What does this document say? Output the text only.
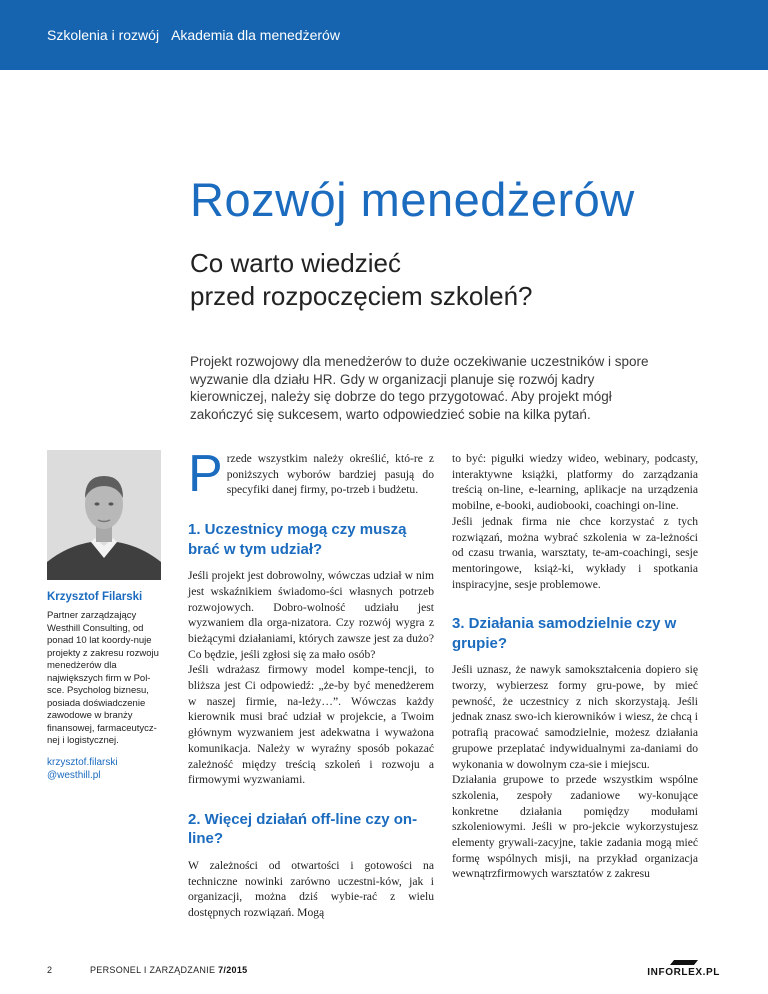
Szkolenia i rozwój Akademia dla menedżerów
Rozwój menedżerów
Co warto wiedzieć
przed rozpoczęciem szkoleń?
Projekt rozwojowy dla menedżerów to duże oczekiwanie uczestników i spore wyzwanie dla działu HR. Gdy w organizacji planuje się rozwój kadry kierowniczej, należy się dobrze do tego przygotować. Aby projekt mógł zakończyć się sukcesem, warto odpowiedzieć sobie na kilka pytań.

Krzysztof Filarski

Partner zarządzający Westhill Consulting, od ponad 10 lat koordy-nuje projekty z zakresu rozwoju menedżerów dla największych firm w Pol-sce. Psycholog biznesu, posiada doświadczenie zawodowe w branży finansowej, farmaceutycz-nej i logistycznej.

krzysztof.filarski
@westhill.pl

Przede wszystkim należy określić, któ-re z poniższych wyborów bardziej pasują do specyfiki danej firmy, po-trzeb i budżetu.

1. Uczestnicy mogą czy muszą brać w tym udział?

Jeśli projekt jest dobrowolny, wówczas udział w nim jest wskaźnikiem świadomo-ści własnych potrzeb rozwojowych. Dobro-wolność udziału jest wyzwaniem dla orga-nizatora. Czy rozwój wygra z bieżącymi działaniami, których zawsze jest za dużo? Co będzie, jeśli zgłosi się za mało osób?

Jeśli wdrażasz firmowy model kompe-tencji, to bliższa jest Ci odpowiedź: „że-by być menedżerem w naszej firmie, na-leży…”. Wówczas każdy kierownik musi brać udział w projekcie, a Twoim głównym wyzwaniem jest adekwatna i wyważona komunikacja. Należy w wyraźny sposób pokazać zależność między treścią szkoleń i rozwoju a firmowymi wyzwaniami.

2. Więcej działań off-line czy on-line?

W zależności od otwartości i gotowości na techniczne nowinki zarówno uczestni-ków, jak i organizacji, można dziś wybie-rać z wielu dostępnych rozwiązań. Mogą

to być: pigułki wiedzy wideo, webinary, podcasty, interaktywne książki, platformy do zarządzania treścią on-line, e-learning, aplikacje na urządzenia mobilne, e-booki, audiobooki, coachingi on-line.

Jeśli jednak firma nie chce korzystać z tych rozwiązań, można wybrać szkolenia w za-leżności od czasu trwania, warsztaty, te-am-coachingi, sesje mentoringowe, książ-ki, wykłady i spotkania inspiracyjne, sesje problemowe.

3. Działania samodzielnie czy w grupie?

Jeśli uznasz, że nawyk samokształcenia dopiero się tworzy, wybierzesz formy gru-powe, by mieć pewność, że uczestnicy z nich skorzystają. Jeśli jednak znasz swo-ich kierowników i wiesz, że chcą i potrafią pracować samodzielnie, możesz działania grupowe przeplatać indywidualnymi za-daniami do wykonania w dowolnym cza-sie i miejscu.

Działania grupowe to przede wszystkim wspólne szkolenia, zespoły zadaniowe wy-konujące konkretne działania pomiędzy modułami szkoleniowymi. Jeśli w pro-jekcie wykorzystujesz elementy grywali-zacyjne, takie zadania mogą mieć formę wspólnych misji, na przykład organizacja wewnątrzfirmowych warsztatów z zakresu

2	PERSONEL I ZARZĄDZANIE 7/2015	INFORLEX.PL
